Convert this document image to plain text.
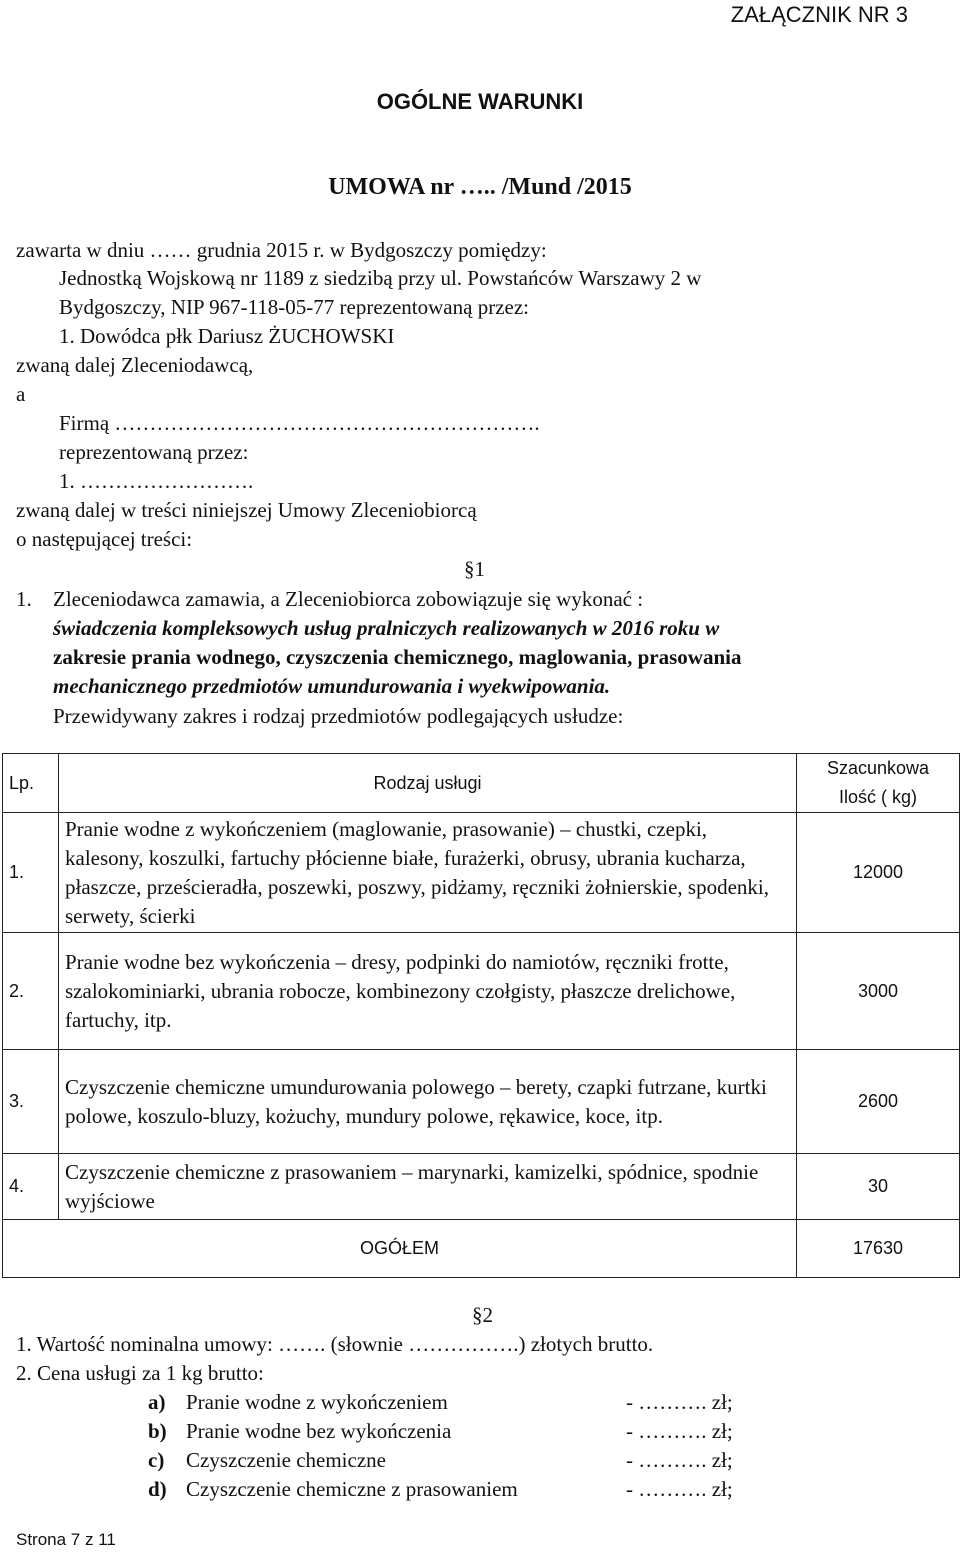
ZAŁĄCZNIK NR 3
OGÓLNE WARUNKI
UMOWA nr ….. /Mund /2015
zawarta w dniu …… grudnia 2015 r. w Bydgoszczy pomiędzy:
Jednostką Wojskową nr 1189 z siedzibą przy ul. Powstańców Warszawy 2 w
Bydgoszczy, NIP 967-118-05-77 reprezentowaną przez:
1. Dowódca płk Dariusz ŻUCHOWSKI
zwaną dalej Zleceniodawcą,
a
Firmą …………………………………………………….
reprezentowaną przez:
1. …………………….
zwaną dalej w treści niniejszej Umowy Zleceniobiorcą
o następującej treści:
§1
1. Zleceniodawca zamawia, a Zleceniobiorca zobowiązuje się wykonać :
świadczenia kompleksowych usług pralniczych realizowanych w 2016 roku w
zakresie prania wodnego, czyszczenia chemicznego, maglowania, prasowania
mechanicznego przedmiotów umundurowania i wyekwipowania.
Przewidywany zakres i rodzaj przedmiotów podlegających usłudze:
Lp.	Rodzaj usługi	Szacunkowa
Ilość ( kg)
1.	Pranie wodne z wykończeniem (maglowanie, prasowanie) – chustki, czepki, kalesony, koszulki, fartuchy płócienne białe, furażerki, obrusy, ubrania kucharza, płaszcze, prześcieradła, poszewki, poszwy, pidżamy, ręczniki żołnierskie, spodenki, serwety, ścierki	12000
2.	Pranie wodne bez wykończenia – dresy, podpinki do namiotów, ręczniki frotte, szalokominiarki, ubrania robocze, kombinezony czołgisty, płaszcze drelichowe, fartuchy, itp.	3000
3.	Czyszczenie chemiczne umundurowania polowego – berety, czapki futrzane, kurtki polowe, koszulo-bluzy, kożuchy, mundury polowe, rękawice, koce, itp.	2600
4.	Czyszczenie chemiczne z prasowaniem – marynarki, kamizelki, spódnice, spodnie wyjściowe	30
OGÓŁEM		17630
§2
1. Wartość nominalna umowy: ……. (słownie …………….) złotych brutto.
2. Cena usługi za 1 kg brutto:
a) Pranie wodne z wykończeniem	- ………. zł;
b) Pranie wodne bez wykończenia	- ………. zł;
c) Czyszczenie chemiczne	- ………. zł;
d) Czyszczenie chemiczne z prasowaniem	- ………. zł;
Strona 7 z 11
